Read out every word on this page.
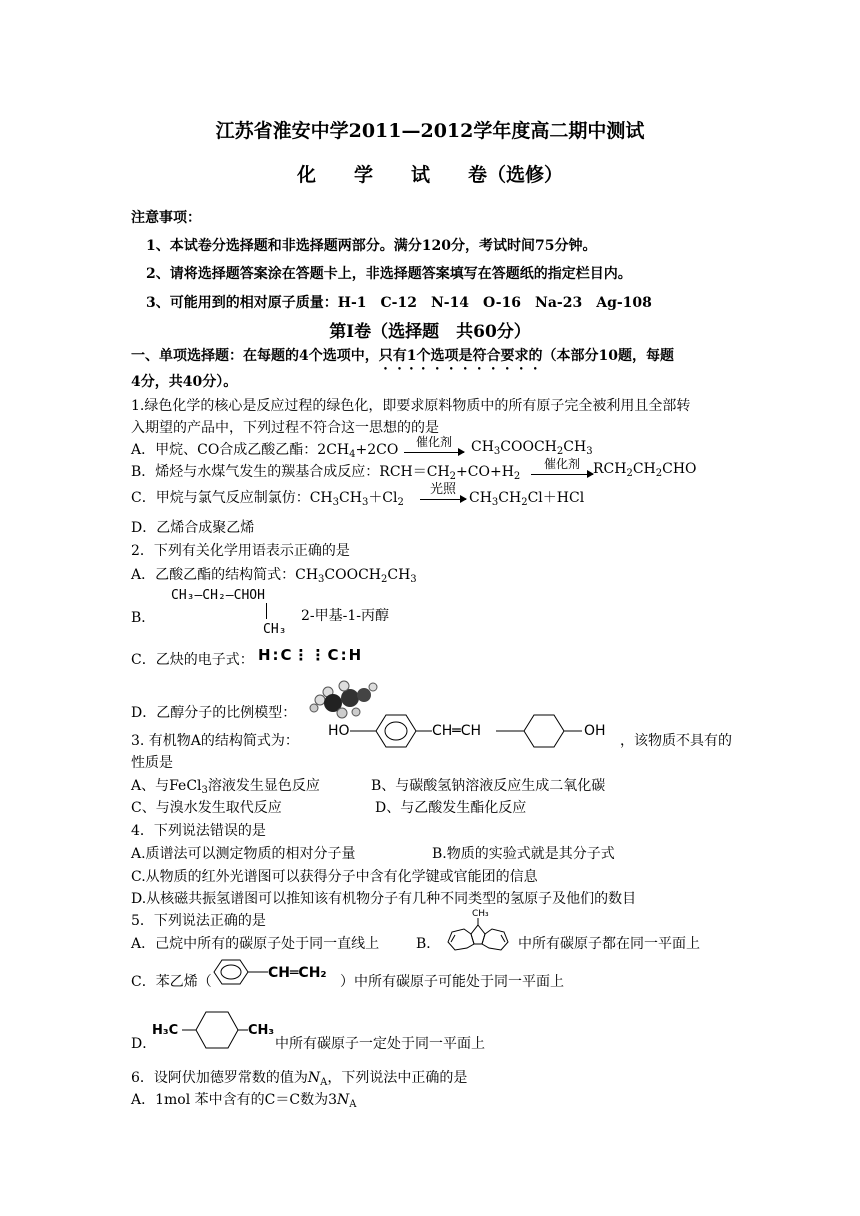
江苏省淮安中学2011—2012学年度高二期中测试
化　　学　　试　　卷（选修）
注意事项：
1、本试卷分选择题和非选择题两部分。满分120分，考试时间75分钟。
2、请将选择题答案涂在答题卡上，非选择题答案填写在答题纸的指定栏目内。
3、可能用到的相对原子质量：H-1　C-12　N-14　O-16　Na-23　Ag-108
第Ⅰ卷（选择题　共60分）
一、单项选择题：在每题的4个选项中，只有1个选项是符合要求的（本部分10题，每题
4分，共40分）。
1.绿色化学的核心是反应过程的绿色化，即要求原料物质中的所有原子完全被利用且全部转
入期望的产品中，下列过程不符合这一思想的的是
A．甲烷、CO合成乙酸乙酯：$2CH_4+2CO$	催化剂	$CH_3COOCH_2CH_3$
B．烯烃与水煤气发生的羰基合成反应：$RCH=CH_2+CO+H_2$
催化剂 $RCH_2CH_2CHO$
C．甲烷与氯气反应制氯仿：$CH_3CH_3+Cl_2$
光照
$CH_3CH_2Cl+HCl$
D．乙烯合成聚乙烯
2．下列有关化学用语表示正确的是
A．乙酸乙酯的结构简式：$CH_3COOCH_2CH_3$
B．
CH₃—CH₂—CHOH
CH₃
2-甲基-1-丙醇
C．乙炔的电子式： H:C⋮⋮C:H
D．乙醇分子的比例模型：
3. 有机物A的结构简式为：
HO	CH═CH	OH
，该物质不具有的
性质是
A、与FeCl$_3$溶液发生显色反应	B、与碳酸氢钠溶液反应生成二氧化碳
C、与溴水发生取代反应	D、与乙酸发生酯化反应
4．下列说法错误的是
A.质谱法可以测定物质的相对分子量	B.物质的实验式就是其分子式
C.从物质的红外光谱图可以获得分子中含有化学键或官能团的信息
D.从核磁共振氢谱图可以推知该有机物分子有几种不同类型的氢原子及他们的数目
5．下列说法正确的是
A．己烷中所有的碳原子处于同一直线上	B．
CH₃
中所有碳原子都在同一平面上
C．苯乙烯（
CH═CH₂
）中所有碳原子可能处于同一平面上
D．
H₃C	CH₃
中所有碳原子一定处于同一平面上
6．设阿伏加德罗常数的值为$N_A$，下列说法中正确的是
A．1mol 苯中含有的C＝C数为$3N_A$
